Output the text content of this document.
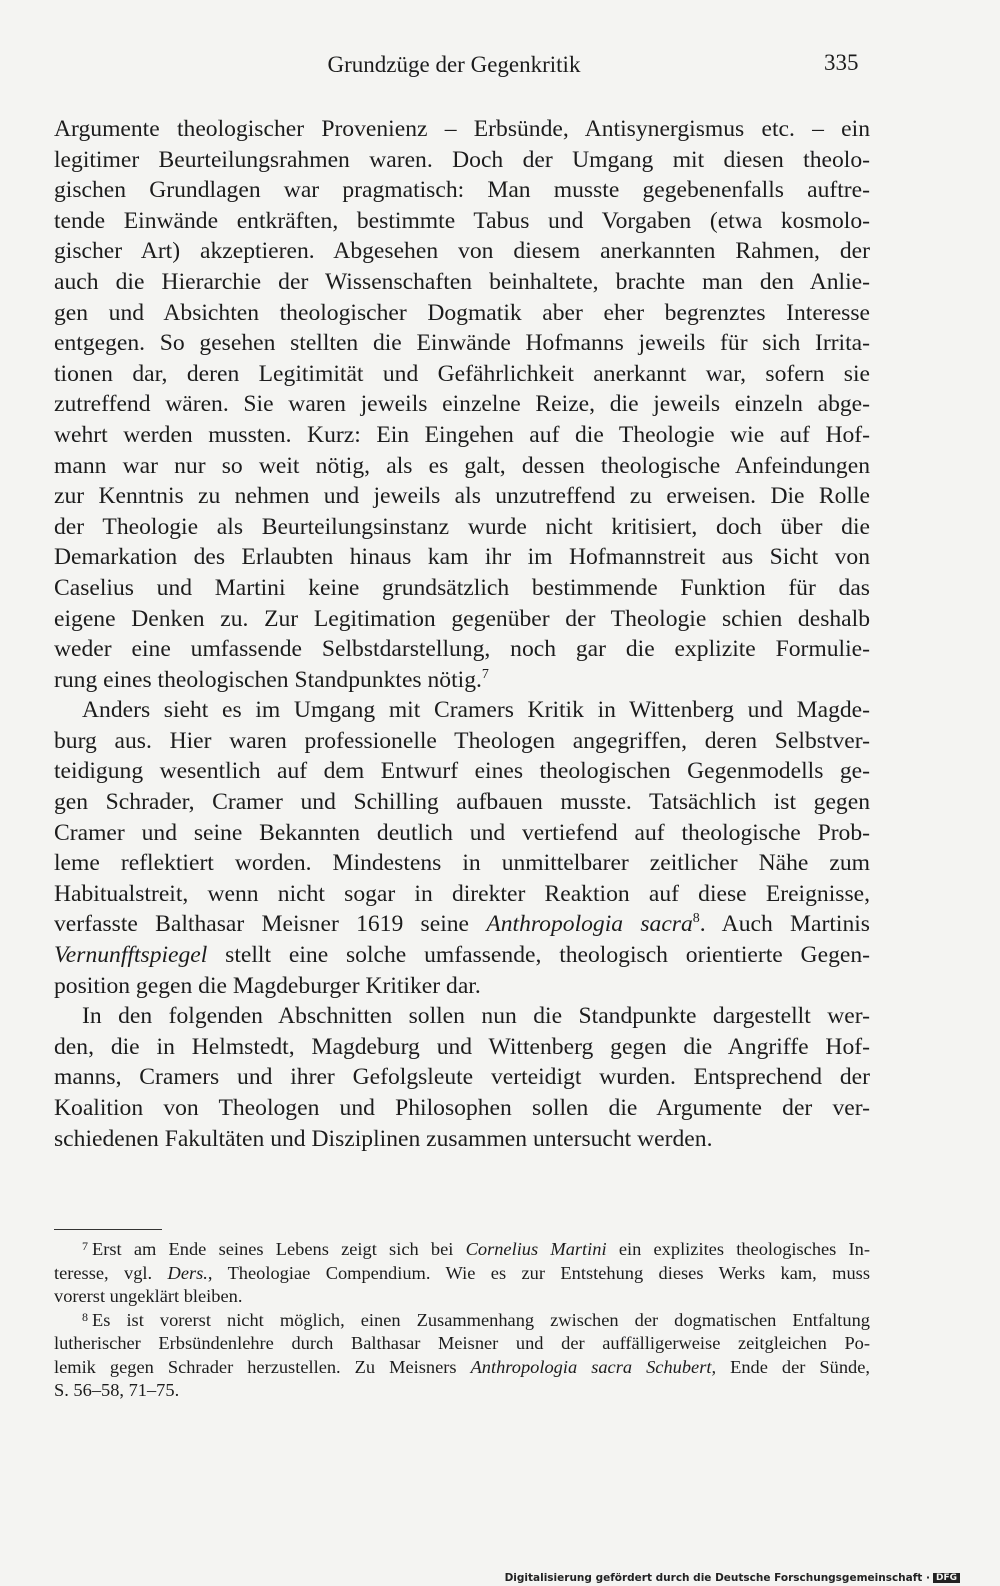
Grundzüge der Gegenkritik	335
Argumente theologischer Provenienz – Erbsünde, Antisynergismus etc. – ein
legitimer Beurteilungsrahmen waren. Doch der Umgang mit diesen theolo-
gischen Grundlagen war pragmatisch: Man musste gegebenenfalls auftre-
tende Einwände entkräften, bestimmte Tabus und Vorgaben (etwa kosmolo-
gischer Art) akzeptieren. Abgesehen von diesem anerkannten Rahmen, der
auch die Hierarchie der Wissenschaften beinhaltete, brachte man den Anlie-
gen und Absichten theologischer Dogmatik aber eher begrenztes Interesse
entgegen. So gesehen stellten die Einwände Hofmanns jeweils für sich Irrita-
tionen dar, deren Legitimität und Gefährlichkeit anerkannt war, sofern sie
zutreffend wären. Sie waren jeweils einzelne Reize, die jeweils einzeln abge-
wehrt werden mussten. Kurz: Ein Eingehen auf die Theologie wie auf Hof-
mann war nur so weit nötig, als es galt, dessen theologische Anfeindungen
zur Kenntnis zu nehmen und jeweils als unzutreffend zu erweisen. Die Rolle
der Theologie als Beurteilungsinstanz wurde nicht kritisiert, doch über die
Demarkation des Erlaubten hinaus kam ihr im Hofmannstreit aus Sicht von
Caselius und Martini keine grundsätzlich bestimmende Funktion für das
eigene Denken zu. Zur Legitimation gegenüber der Theologie schien deshalb
weder eine umfassende Selbstdarstellung, noch gar die explizite Formulie-
rung eines theologischen Standpunktes nötig.$^7$
Anders sieht es im Umgang mit Cramers Kritik in Wittenberg und Magde-
burg aus. Hier waren professionelle Theologen angegriffen, deren Selbstver-
teidigung wesentlich auf dem Entwurf eines theologischen Gegenmodells ge-
gen Schrader, Cramer und Schilling aufbauen musste. Tatsächlich ist gegen
Cramer und seine Bekannten deutlich und vertiefend auf theologische Prob-
leme reflektiert worden. Mindestens in unmittelbarer zeitlicher Nähe zum
Habitualstreit, wenn nicht sogar in direkter Reaktion auf diese Ereignisse,
verfasste Balthasar Meisner 1619 seine Anthropologia sacra$^8$. Auch Martinis
Vernunfftspiegel stellt eine solche umfassende, theologisch orientierte Gegen-
position gegen die Magdeburger Kritiker dar.
In den folgenden Abschnitten sollen nun die Standpunkte dargestellt wer-
den, die in Helmstedt, Magdeburg und Wittenberg gegen die Angriffe Hof-
manns, Cramers und ihrer Gefolgsleute verteidigt wurden. Entsprechend der
Koalition von Theologen und Philosophen sollen die Argumente der ver-
schiedenen Fakultäten und Disziplinen zusammen untersucht werden.
$^7$ Erst am Ende seines Lebens zeigt sich bei Cornelius Martini ein explizites theologisches In-
teresse, vgl. Ders., Theologiae Compendium. Wie es zur Entstehung dieses Werks kam, muss
vorerst ungeklärt bleiben.
$^8$ Es ist vorerst nicht möglich, einen Zusammenhang zwischen der dogmatischen Entfaltung
lutherischer Erbsündenlehre durch Balthasar Meisner und der auffälligerweise zeitgleichen Po-
lemik gegen Schrader herzustellen. Zu Meisners Anthropologia sacra Schubert, Ende der Sünde,
S. 56–58, 71–75.
Digitalisierung gefördert durch die Deutsche Forschungsgemeinschaft · DFG
